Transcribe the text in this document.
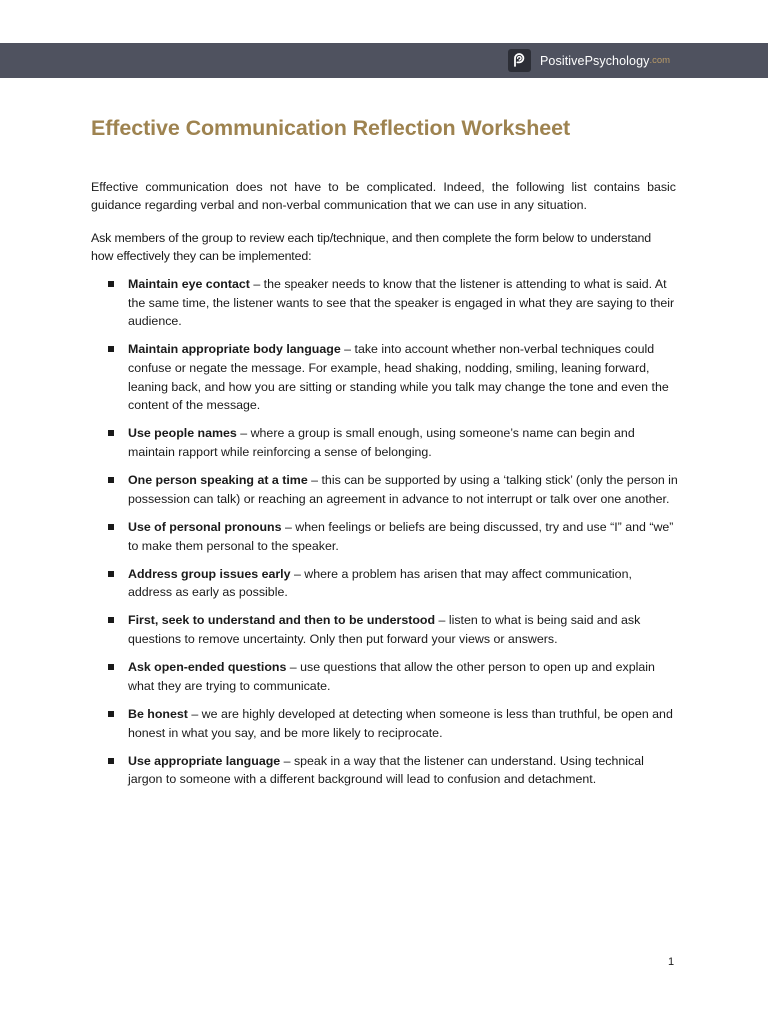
PositivePsychology .com
Effective Communication Reflection Worksheet

Effective communication does not have to be complicated. Indeed, the following list contains basic guidance regarding verbal and non-verbal communication that we can use in any situation.

Ask members of the group to review each tip/technique, and then complete the form below to understand how effectively they can be implemented:

Maintain eye contact – the speaker needs to know that the listener is attending to what is said. At the same time, the listener wants to see that the speaker is engaged in what they are saying to their audience.
Maintain appropriate body language – take into account whether non-verbal techniques could confuse or negate the message. For example, head shaking, nodding, smiling, leaning forward, leaning back, and how you are sitting or standing while you talk may change the tone and even the content of the message.
Use people names – where a group is small enough, using someone’s name can begin and maintain rapport while reinforcing a sense of belonging.
One person speaking at a time – this can be supported by using a ‘talking stick’ (only the person in possession can talk) or reaching an agreement in advance to not interrupt or talk over one another.
Use of personal pronouns – when feelings or beliefs are being discussed, try and use “I” and “we” to make them personal to the speaker.
Address group issues early – where a problem has arisen that may affect communication, address as early as possible.
First, seek to understand and then to be understood – listen to what is being said and ask questions to remove uncertainty. Only then put forward your views or answers.
Ask open-ended questions – use questions that allow the other person to open up and explain what they are trying to communicate.
Be honest – we are highly developed at detecting when someone is less than truthful, be open and honest in what you say, and be more likely to reciprocate.
Use appropriate language – speak in a way that the listener can understand. Using technical jargon to someone with a different background will lead to confusion and detachment.
1
